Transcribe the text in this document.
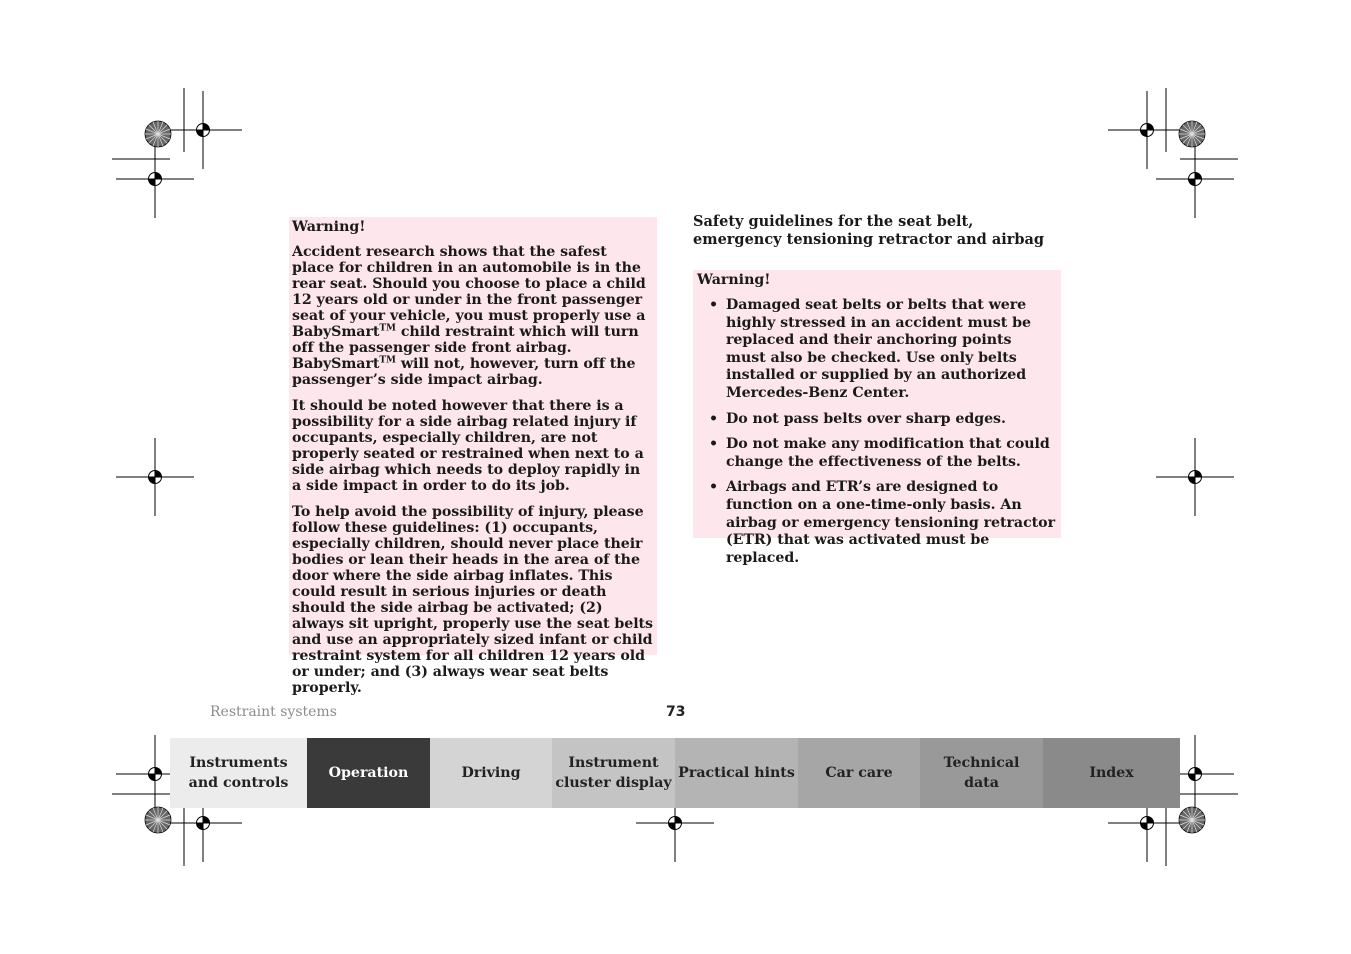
Warning!

Accident research shows that the safest place for children in an automobile is in the rear seat. Should you choose to place a child 12 years old or under in the front passenger seat of your vehicle, you must properly use a BabySmart™ child restraint which will turn off the passenger side front airbag. BabySmart™ will not, however, turn off the passenger’s side impact airbag.

It should be noted however that there is a possibility for a side airbag related injury if occupants, especially children, are not properly seated or restrained when next to a side airbag which needs to deploy rapidly in a side impact in order to do its job.

To help avoid the possibility of injury, please follow these guidelines: (1) occupants, especially children, should never place their bodies or lean their heads in the area of the door where the side airbag inflates. This could result in serious injuries or death should the side airbag be activated; (2) always sit upright, properly use the seat belts and use an appropriately sized infant or child restraint system for all children 12 years old or under; and (3) always wear seat belts properly.

Safety guidelines for the seat belt,
emergency tensioning retractor and airbag
Warning!
• Damaged seat belts or belts that were highly stressed in an accident must be replaced and their anchoring points must also be checked. Use only belts installed or supplied by an authorized Mercedes-Benz Center.
• Do not pass belts over sharp edges.
• Do not make any modification that could change the effectiveness of the belts.
• Airbags and ETR’s are designed to function on a one-time-only basis. An airbag or emergency tensioning retractor (ETR) that was activated must be replaced.
Restraint systems	73
Instruments
and controls
Operation	Driving
Instrument
cluster display
Practical hints Car care
Technical
data
Index
